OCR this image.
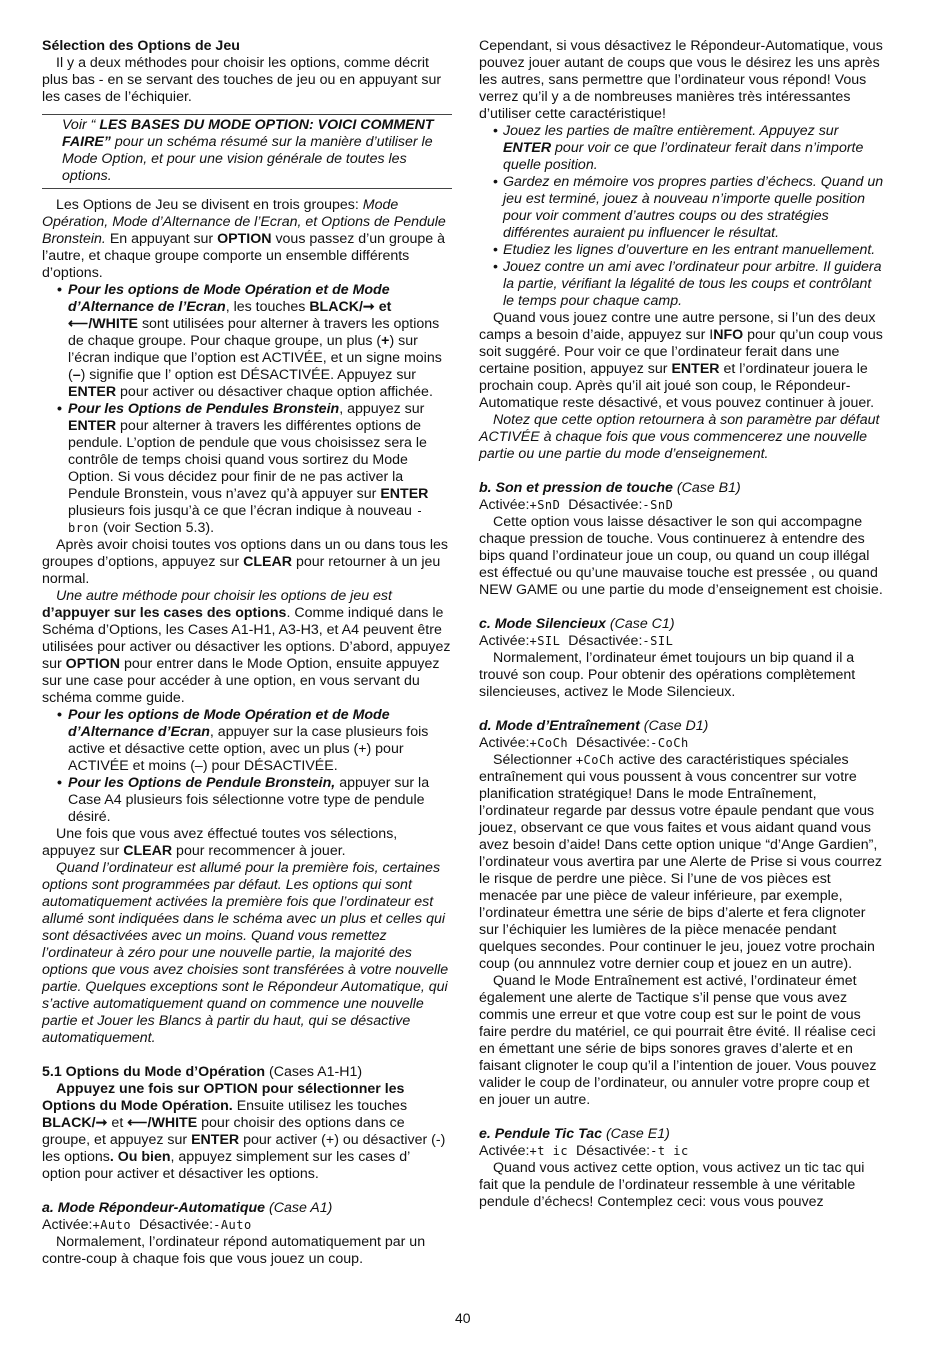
Sélection des Options de Jeu

Il y a deux méthodes pour choisir les options, comme décrit plus bas - en se servant des touches de jeu ou en appuyant sur les cases de l’échiquier.

Voir “ LES BASES DU MODE OPTION: VOICI COMMENT FAIRE” pour un schéma résumé sur la manière d’utiliser le Mode Option, et pour une vision générale de toutes les options.

Les Options de Jeu se divisent en trois groupes: Mode Opération, Mode d’Alternance de l’Ecran, et Options de Pendule Bronstein. En appuyant sur OPTION vous passez d’un groupe à l’autre, et chaque groupe comporte un ensemble différents d’options.

• Pour les options de Mode Opération et de Mode d’Alternance de l’Ecran, les touches BLACK/➞ et ⟵/WHITE sont utilisées pour alterner à travers les options de chaque groupe. Pour chaque groupe, un plus (+) sur l’écran indique que l’option est ACTIVÉE, et un signe moins (–) signifie que l’ option est DÉSACTIVÉE. Appuyez sur ENTER pour activer ou désactiver chaque option affichée.
• Pour les Options de Pendules Bronstein, appuyez sur ENTER pour alterner à travers les différentes options de pendule. L’option de pendule que vous choisissez sera le contrôle de temps choisi quand vous sortirez du Mode Option. Si vous décidez pour finir de ne pas activer la Pendule Bronstein, vous n’avez qu’à appuyer sur ENTER plusieurs fois jusqu’à ce que l’écran indique à nouveau -bron (voir Section 5.3).

Après avoir choisi toutes vos options dans un ou dans tous les groupes d’options, appuyez sur CLEAR pour retourner à un jeu normal.

Une autre méthode pour choisir les options de jeu est

d’appuyer sur les cases des options. Comme indiqué dans le Schéma d’Options, les Cases A1-H1, A3-H3, et A4 peuvent être utilisées pour activer ou désactiver les options. D’abord, appuyez sur OPTION pour entrer dans le Mode Option, ensuite appuyez sur une case pour accéder à une option, en vous servant du schéma comme guide.

• Pour les options de Mode Opération et de Mode d’Alternance d’Ecran, appuyer sur la case plusieurs fois active et désactive cette option, avec un plus (+) pour ACTIVÉE et moins (–) pour DÉSACTIVÉE.
• Pour les Options de Pendule Bronstein, appuyer sur la Case A4 plusieurs fois sélectionne votre type de pendule désiré.

Une fois que vous avez éffectué toutes vos sélections, appuyez sur CLEAR pour recommencer à jouer.

Quand l’ordinateur est allumé pour la première fois, certaines options sont programmées par défaut. Les options qui sont automatiquement activées la première fois que l’ordinateur est allumé sont indiquées dans le schéma avec un plus et celles qui sont désactivées avec un moins. Quand vous remettez l’ordinateur à zéro pour une nouvelle partie, la majorité des options que vous avez choisies sont transférées à votre nouvelle partie. Quelques exceptions sont le Répondeur Automatique, qui s’active automatiquement quand on commence une nouvelle partie et Jouer les Blancs à partir du haut, qui se désactive automatiquement.

5.1 Options du Mode d’Opération (Cases A1-H1)

Appuyez une fois sur OPTION pour sélectionner les Options du Mode Opération. Ensuite utilisez les touches BLACK/➞ et ⟵/WHITE pour choisir des options dans ce groupe, et appuyez sur ENTER pour activer (+) ou désactiver (-) les options. Ou bien, appuyez simplement sur les cases d’ option pour activer et désactiver les options.

a. Mode Répondeur-Automatique (Case A1)

Activée:+Auto Désactivée:-Auto

Normalement, l’ordinateur répond automatiquement par un contre-coup à chaque fois que vous jouez un coup.

Cependant, si vous désactivez le Répondeur-Automatique, vous pouvez jouer autant de coups que vous le désirez les uns après les autres, sans permettre que l’ordinateur vous répond! Vous verrez qu’il y a de nombreuses manières très intéressantes d’utiliser cette caractéristique!

• Jouez les parties de maître entièrement. Appuyez sur ENTER pour voir ce que l’ordinateur ferait dans n’importe quelle position.
• Gardez en mémoire vos propres parties d’échecs. Quand un jeu est terminé, jouez à nouveau n’importe quelle position pour voir comment d’autres coups ou des stratégies différentes auraient pu influencer le résultat.
• Etudiez les lignes d’ouverture en les entrant manuellement.
• Jouez contre un ami avec l’ordinateur pour arbitre. Il guidera la partie, vérifiant la légalité de tous les coups et contrôlant le temps pour chaque camp.

Quand vous jouez contre une autre persone, si l’un des deux camps a besoin d’aide, appuyez sur INFO pour qu’un coup vous soit suggéré. Pour voir ce que l’ordinateur ferait dans une certaine position, appuyez sur ENTER et l’ordinateur jouera le prochain coup. Après qu’il ait joué son coup, le Répondeur-Automatique reste désactivé, et vous pouvez continuer à jouer.

Notez que cette option retournera à son paramètre par défaut ACTIVÉE à chaque fois que vous commencerez une nouvelle partie ou une partie du mode d’enseignement.

b. Son et pression de touche (Case B1)

Activée:+SnD Désactivée:-SnD

Cette option vous laisse désactiver le son qui accompagne chaque pression de touche. Vous continuerez à entendre des bips quand l’ordinateur joue un coup, ou quand un coup illégal est éffectué ou qu’une mauvaise touche est pressée , ou quand NEW GAME ou une partie du mode d’enseignement est choisie.

c. Mode Silencieux (Case C1)

Activée:+SIL Désactivée:-SIL

Normalement, l’ordinateur émet toujours un bip quand il a trouvé son coup. Pour obtenir des opérations complètement silencieuses, activez le Mode Silencieux.

d. Mode d’Entraînement (Case D1)

Activée:+CoCh Désactivée:-CoCh

Sélectionner +CoCh active des caractéristiques spéciales entraînement qui vous poussent à vous concentrer sur votre planification stratégique! Dans le mode Entraînement, l’ordinateur regarde par dessus votre épaule pendant que vous jouez, observant ce que vous faites et vous aidant quand vous avez besoin d’aide! Dans cette option unique “d’Ange Gardien”, l’ordinateur vous avertira par une Alerte de Prise si vous courrez le risque de perdre une pièce. Si l’une de vos pièces est menacée par une pièce de valeur inférieure, par exemple, l’ordinateur émettra une série de bips d’alerte et fera clignoter sur l’échiquier les lumières de la pièce menacée pendant quelques secondes. Pour continuer le jeu, jouez votre prochain coup (ou annnulez votre dernier coup et jouez en un autre).

Quand le Mode Entraînement est activé, l’ordinateur émet également une alerte de Tactique s’il pense que vous avez commis une erreur et que votre coup est sur le point de vous faire perdre du matériel, ce qui pourrait être évité. Il réalise ceci en émettant une série de bips sonores graves d’alerte et en faisant clignoter le coup qu’il a l’intention de jouer. Vous pouvez valider le coup de l’ordinateur, ou annuler votre propre coup et en jouer un autre.

e. Pendule Tic Tac (Case E1)

Activée:+t ic Désactivée:-t ic

Quand vous activez cette option, vous activez un tic tac qui fait que la pendule de l’ordinateur ressemble à une véritable pendule d’échecs! Contemplez ceci: vous vous pouvez

40
